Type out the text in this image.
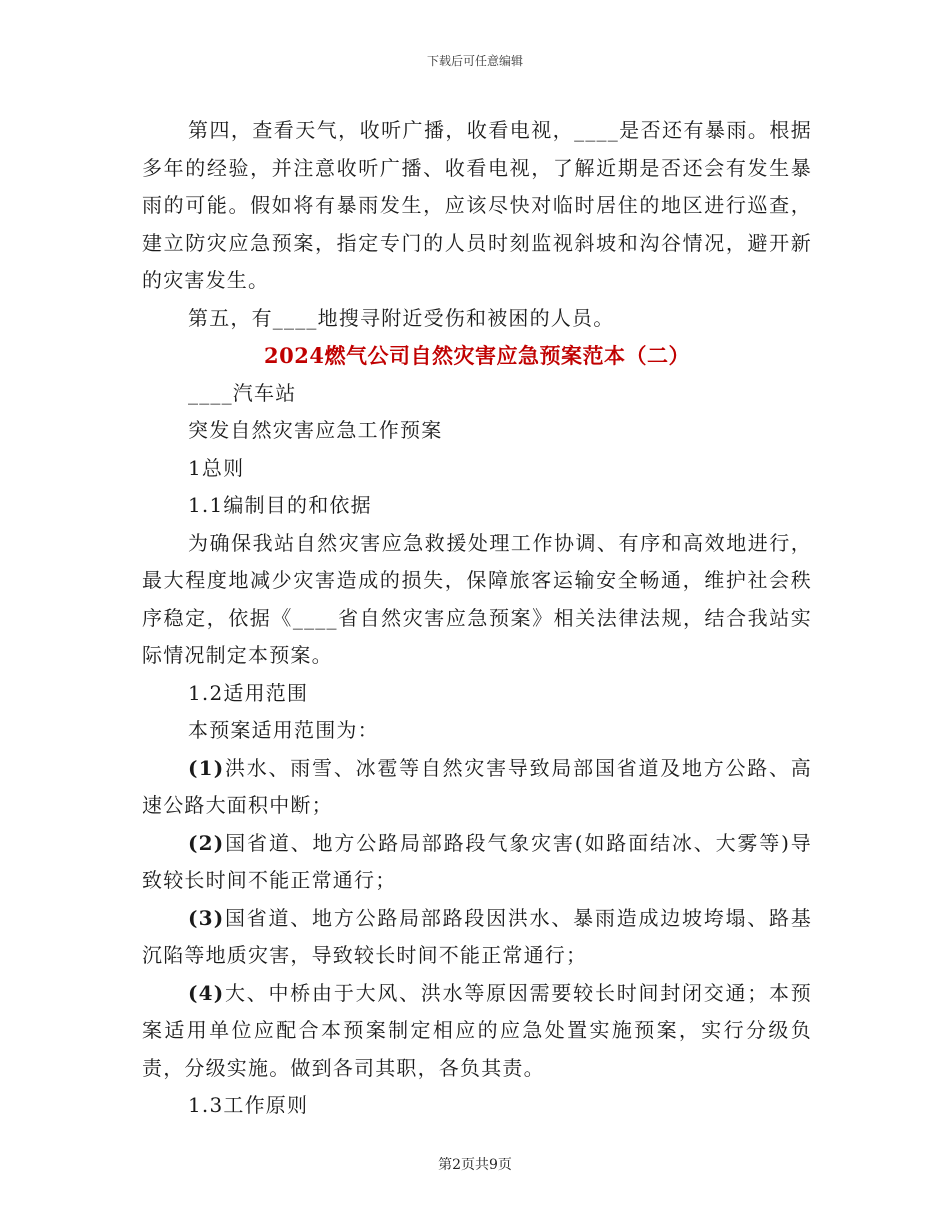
下载后可任意编辑

第四，查看天气，收听广播，收看电视，____是否还有暴雨。根据多年的经验，并注意收听广播、收看电视，了解近期是否还会有发生暴雨的可能。假如将有暴雨发生，应该尽快对临时居住的地区进行巡查，建立防灾应急预案，指定专门的人员时刻监视斜坡和沟谷情况，避开新的灾害发生。

第五，有____地搜寻附近受伤和被困的人员。

2024燃气公司自然灾害应急预案范本（二）

____汽车站

突发自然灾害应急工作预案

1总则

1.1编制目的和依据

为确保我站自然灾害应急救援处理工作协调、有序和高效地进行，最大程度地减少灾害造成的损失，保障旅客运输安全畅通，维护社会秩序稳定，依据《____省自然灾害应急预案》相关法律法规，结合我站实际情况制定本预案。

1.2适用范围

本预案适用范围为：

(1)洪水、雨雪、冰雹等自然灾害导致局部国省道及地方公路、高速公路大面积中断；

(2)国省道、地方公路局部路段气象灾害(如路面结冰、大雾等)导致较长时间不能正常通行；

(3)国省道、地方公路局部路段因洪水、暴雨造成边坡垮塌、路基沉陷等地质灾害，导致较长时间不能正常通行；

(4)大、中桥由于大风、洪水等原因需要较长时间封闭交通；本预案适用单位应配合本预案制定相应的应急处置实施预案，实行分级负责，分级实施。做到各司其职，各负其责。

1.3工作原则

第2页共9页
